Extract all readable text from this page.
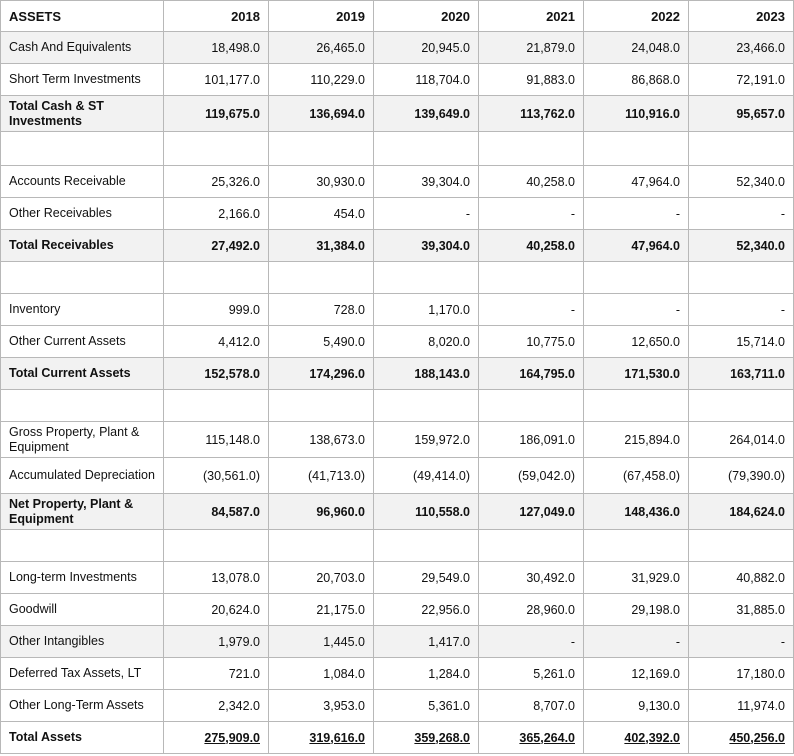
ASSETS	2018	2019	2020	2021	2022	2023
Cash And Equivalents	18,498.0	26,465.0	20,945.0	21,879.0	24,048.0	23,466.0
Short Term Investments	101,177.0	110,229.0	118,704.0	91,883.0	86,868.0	72,191.0
Total Cash & ST Investments	119,675.0	136,694.0	139,649.0	113,762.0	110,916.0	95,657.0

Accounts Receivable	25,326.0	30,930.0	39,304.0	40,258.0	47,964.0	52,340.0
Other Receivables	2,166.0	454.0	-	-	-	-
Total Receivables	27,492.0	31,384.0	39,304.0	40,258.0	47,964.0	52,340.0

Inventory	999.0	728.0	1,170.0	-	-	-
Other Current Assets	4,412.0	5,490.0	8,020.0	10,775.0	12,650.0	15,714.0
Total Current Assets	152,578.0	174,296.0	188,143.0	164,795.0	171,530.0	163,711.0

Gross Property, Plant & Equipment	115,148.0	138,673.0	159,972.0	186,091.0	215,894.0	264,014.0
Accumulated Depreciation	(30,561.0)	(41,713.0)	(49,414.0)	(59,042.0)	(67,458.0)	(79,390.0)
Net Property, Plant & Equipment	84,587.0	96,960.0	110,558.0	127,049.0	148,436.0	184,624.0

Long-term Investments	13,078.0	20,703.0	29,549.0	30,492.0	31,929.0	40,882.0
Goodwill	20,624.0	21,175.0	22,956.0	28,960.0	29,198.0	31,885.0
Other Intangibles	1,979.0	1,445.0	1,417.0	-	-	-
Deferred Tax Assets, LT	721.0	1,084.0	1,284.0	5,261.0	12,169.0	17,180.0
Other Long-Term Assets	2,342.0	3,953.0	5,361.0	8,707.0	9,130.0	11,974.0
Total Assets	275,909.0	319,616.0	359,268.0	365,264.0	402,392.0	450,256.0
